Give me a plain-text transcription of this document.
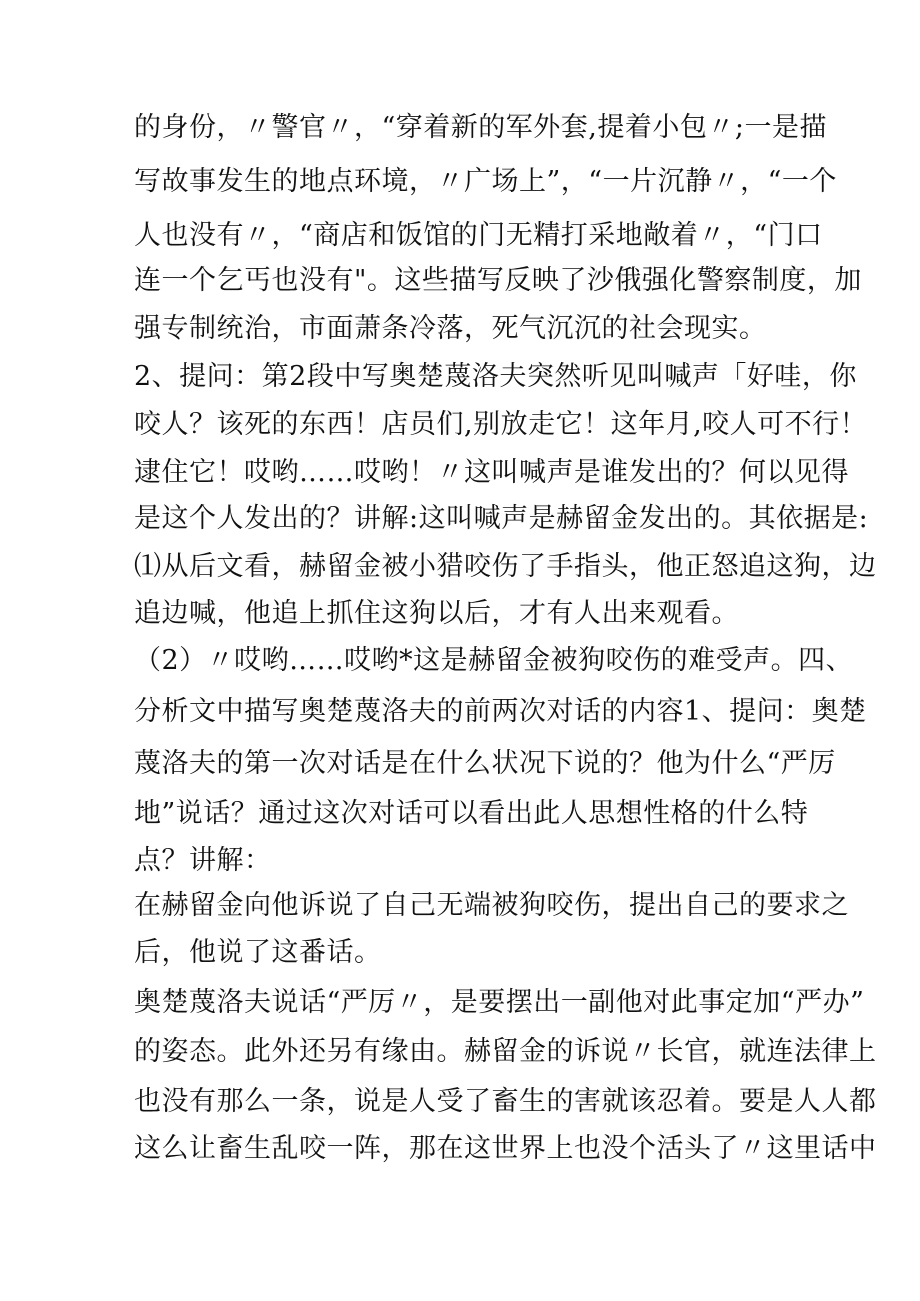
的身份，〃警官〃，“穿着新的军外套,提着小包〃;一是描
写故事发生的地点环境，〃广场上”，“一片沉静〃，“一个
人也没有〃，“商店和饭馆的门无精打采地敞着〃，“门口
连一个乞丐也没有"。这些描写反映了沙俄强化警察制度，加
强专制统治，市面萧条冷落，死气沉沉的社会现实。
2、提问：第2段中写奥楚蔑洛夫突然听见叫喊声「好哇，你
咬人？该死的东西！店员们,别放走它！这年月,咬人可不行！
逮住它！哎哟……哎哟！〃这叫喊声是谁发出的？何以见得
是这个人发出的？讲解:这叫喊声是赫留金发出的。其依据是:
⑴从后文看，赫留金被小猎咬伤了手指头，他正怒追这狗，边
追边喊，他追上抓住这狗以后，才有人出来观看。
（2）〃哎哟……哎哟*这是赫留金被狗咬伤的难受声。四、
分析文中描写奥楚蔑洛夫的前两次对话的内容1、提问：奥楚
蔑洛夫的第一次对话是在什么状况下说的？他为什么“严厉
地”说话？通过这次对话可以看出此人思想性格的什么特
点？讲解：
在赫留金向他诉说了自己无端被狗咬伤，提出自己的要求之
后，他说了这番话。
奥楚蔑洛夫说话“严厉〃，是要摆出一副他对此事定加“严办”
的姿态。此外还另有缘由。赫留金的诉说〃长官，就连法律上
也没有那么一条，说是人受了畜生的害就该忍着。要是人人都
这么让畜生乱咬一阵，那在这世界上也没个活头了〃这里话中
